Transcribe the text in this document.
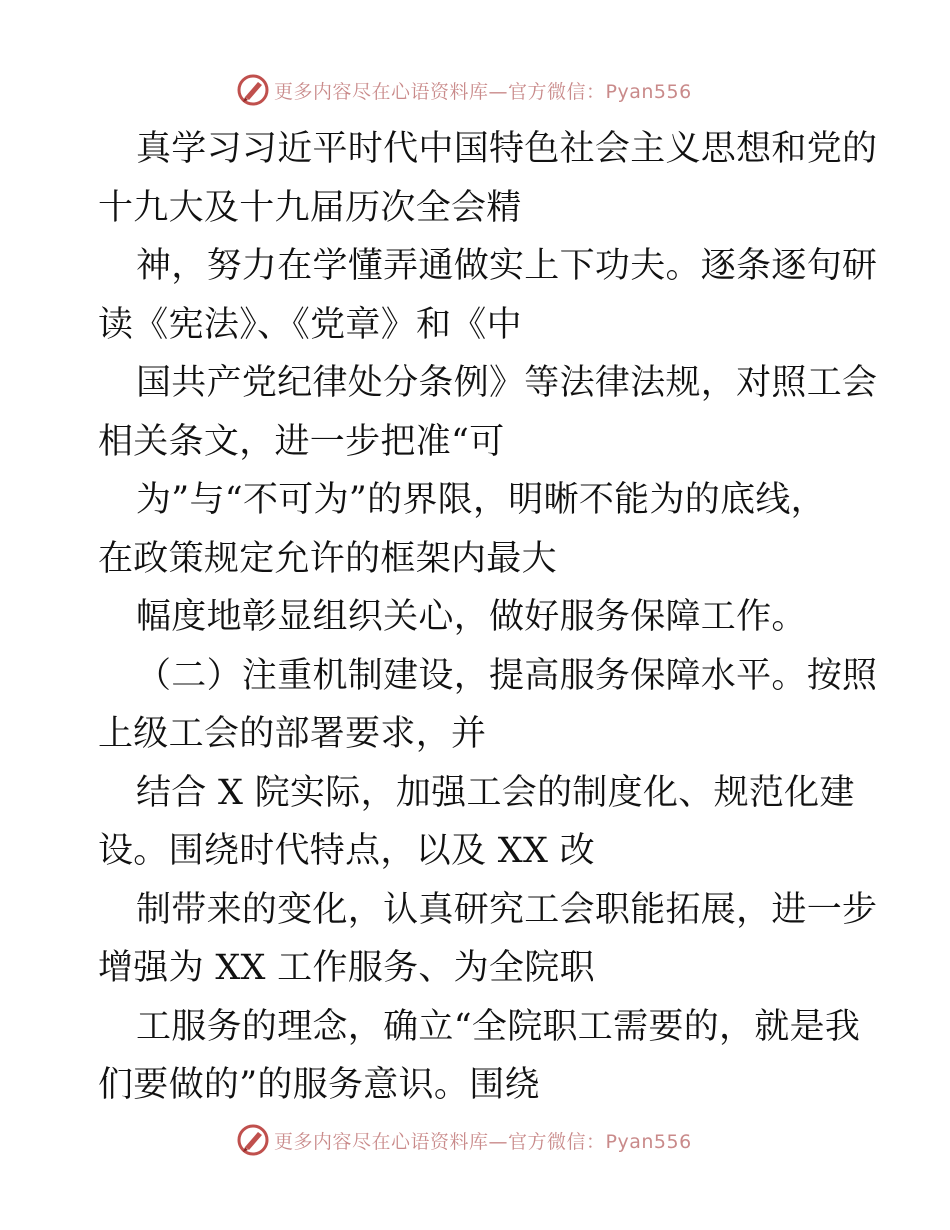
更多内容尽在心语资料库—官方微信：Pyan556
真学习习近平时代中国特色社会主义思想和党的
十九大及十九届历次全会精
神，努力在学懂弄通做实上下功夫。逐条逐句研
读《宪法》、《党章》和《中
国共产党纪律处分条例》等法律法规，对照工会
相关条文，进一步把准“可
为”与“不可为”的界限，明晰不能为的底线，
在政策规定允许的框架内最大
幅度地彰显组织关心，做好服务保障工作。
（二）注重机制建设，提高服务保障水平。按照
上级工会的部署要求，并
结合 X 院实际，加强工会的制度化、规范化建
设。围绕时代特点，以及 XX 改
制带来的变化，认真研究工会职能拓展，进一步
增强为 XX 工作服务、为全院职
工服务的理念，确立“全院职工需要的，就是我
们要做的”的服务意识。围绕
更多内容尽在心语资料库—官方微信：Pyan556
